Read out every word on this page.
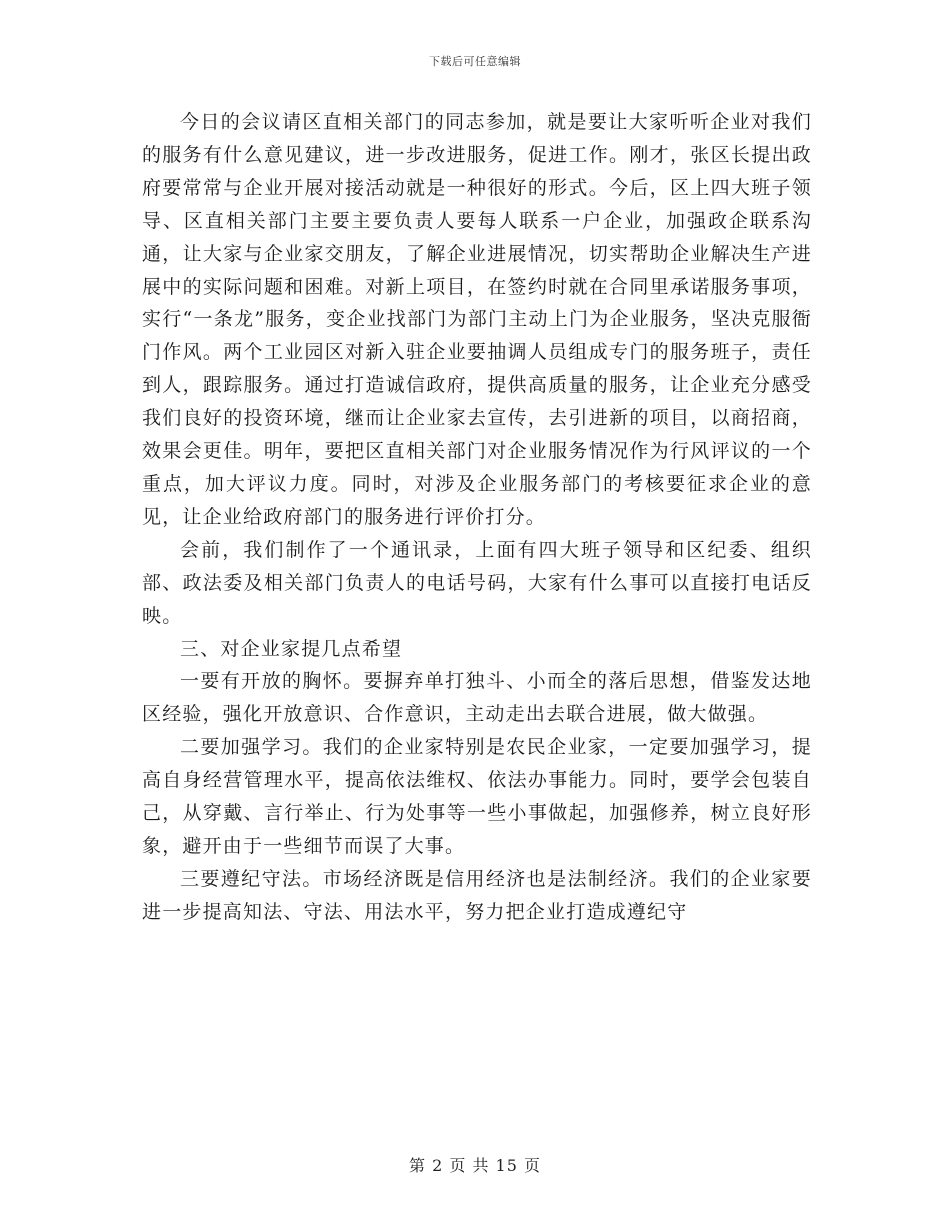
下载后可任意编辑

今日的会议请区直相关部门的同志参加，就是要让大家听听企业对我们的服务有什么意见建议，进一步改进服务，促进工作。刚才，张区长提出政府要常常与企业开展对接活动就是一种很好的形式。今后，区上四大班子领导、区直相关部门主要主要负责人要每人联系一户企业，加强政企联系沟通，让大家与企业家交朋友，了解企业进展情况，切实帮助企业解决生产进展中的实际问题和困难。对新上项目，在签约时就在合同里承诺服务事项，实行“一条龙”服务，变企业找部门为部门主动上门为企业服务，坚决克服衙门作风。两个工业园区对新入驻企业要抽调人员组成专门的服务班子，责任到人，跟踪服务。通过打造诚信政府，提供高质量的服务，让企业充分感受我们良好的投资环境，继而让企业家去宣传，去引进新的项目，以商招商，效果会更佳。明年，要把区直相关部门对企业服务情况作为行风评议的一个重点，加大评议力度。同时，对涉及企业服务部门的考核要征求企业的意见，让企业给政府部门的服务进行评价打分。

会前，我们制作了一个通讯录，上面有四大班子领导和区纪委、组织部、政法委及相关部门负责人的电话号码，大家有什么事可以直接打电话反映。

三、对企业家提几点希望

一要有开放的胸怀。要摒弃单打独斗、小而全的落后思想，借鉴发达地区经验，强化开放意识、合作意识，主动走出去联合进展，做大做强。

二要加强学习。我们的企业家特别是农民企业家，一定要加强学习，提高自身经营管理水平，提高依法维权、依法办事能力。同时，要学会包装自己，从穿戴、言行举止、行为处事等一些小事做起，加强修养，树立良好形象，避开由于一些细节而误了大事。

三要遵纪守法。市场经济既是信用经济也是法制经济。我们的企业家要进一步提高知法、守法、用法水平，努力把企业打造成遵纪守

第 2 页 共 15 页
